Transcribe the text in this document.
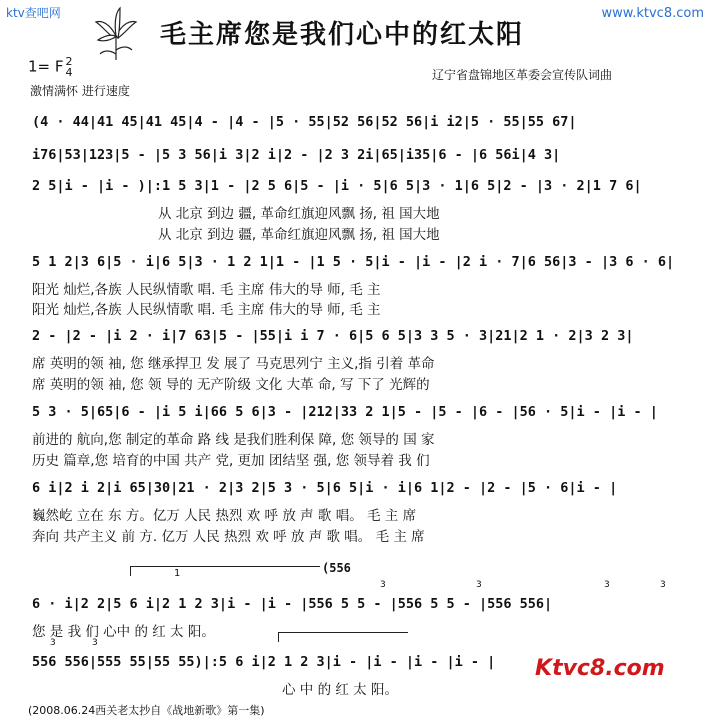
ktv查吧网	www.ktvc8.com
毛主席您是我们心中的红太阳
1= F 2
4
激情满怀 进行速度
辽宁省盘锦地区革委会宣传队词曲
(4 · 44|41 45|41 45|4 - |4 - |5 · 55|52 56|52 56|i i2|5 · 55|55 67|
i76|53|123|5 - |5 3 56|i 3|2 i|2 - |2 3 2i|65|i35|6 - |6 56i|4 3|
2 5|i - |i - )|:1 5 3|1 - |2 5 6|5 - |i · 5|6 5|3 · 1|6 5|2 - |3 · 2|1 7 6|
从 北京 到边 疆, 革命红旗迎风飘 扬, 祖 国大地
从 北京 到边 疆, 革命红旗迎风飘 扬, 祖 国大地
5 1 2|3 6|5 · i|6 5|3 · 1 2 1|1 - |1 5 · 5|i - |i - |2 i · 7|6 56|3 - |3 6 · 6|
阳光 灿烂,各族 人民纵情歌 唱. 毛 主席 伟大的导 师, 毛 主
阳光 灿烂,各族 人民纵情歌 唱. 毛 主席 伟大的导 师, 毛 主
2 - |2 - |i 2 · i|7 63|5 - |55|i i 7 · 6|5 6 5|3 3 5 · 3|21|2 1 · 2|3 2 3|
席 英明的领 袖, 您 继承捍卫 发 展了 马克思列宁 主义,指 引着 革命
席 英明的领 袖, 您 领 导的 无产阶级 文化 大革 命, 写 下了 光辉的
5 3 · 5|65|6 - |i 5 i|66 5 6|3 - |212|33 2 1|5 - |5 - |6 - |56 · 5|i - |i - |
前进的 航向,您 制定的革命 路 线 是我们胜利保 障, 您 领导的 国 家
历史 篇章,您 培育的中国 共产 党, 更加 团结坚 强, 您 领导着 我 们
6 i|2 i 2|i 65|30|21 · 2|3 2|5 3 · 5|6 5|i · i|6 1|2 - |2 - |5 · 6|i - |
巍然屹 立在 东 方。亿万 人民 热烈 欢 呼 放 声 歌 唱。 毛 主 席
奔向 共产主义 前 方. 亿万 人民 热烈 欢 呼 放 声 歌 唱。 毛 主 席
1	(556
3	3	3	3
6 · i|2 2|5 6 i|2 1 2 3|i - |i - |556 5 5 - |556 5 5 - |556 556|
您 是 我 们 心中 的 红 太 阳。
3	3
556 556|555 55|55 55)|:5 6 i|2 1 2 3|i - |i - |i - |i - |
心 中 的 红 太 阳。
Ktvc8.com
(2008.06.24西关老太抄自《战地新歌》第一集)
